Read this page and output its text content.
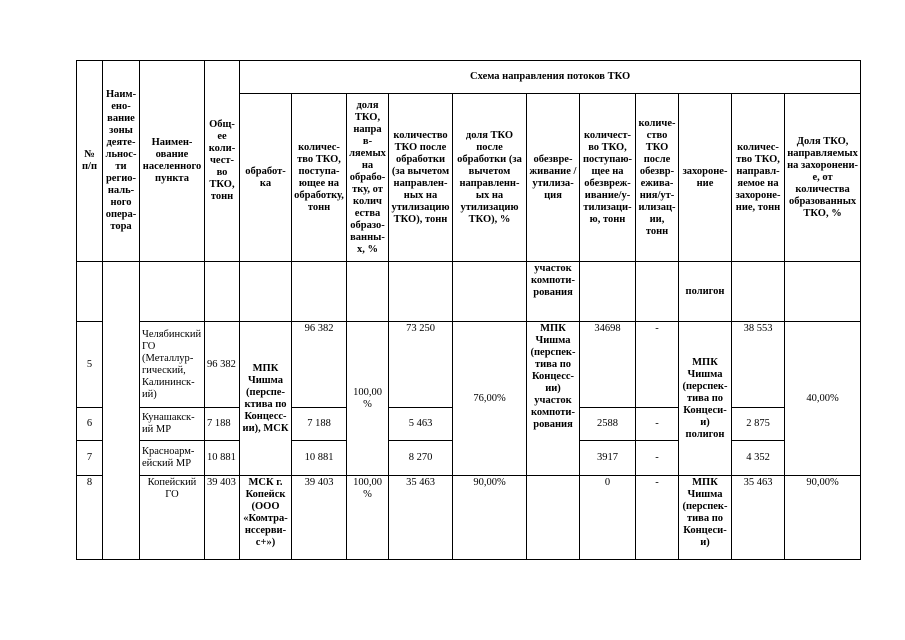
№ п/п	Наименование зоны деятельности регионального оператора	Наименование населенного пункта	Общее количество ТКО, тонн	Схема направления потоков ТКО										
				обработка	количество ТКО, поступающее на обработку, тонн	доля ТКО, направляемых на обработку, от количества образованных, %	количество ТКО после обработки (за вычетом направленных на утилизацию ТКО), тонн	доля ТКО после обработки (за вычетом направленных на утилизацию ТКО), %	обезвреживание / утилизация	количество ТКО, поступающее на обезвреживание/утилизацию, тонн	количество ТКО после обезвреживания/утилизации, тонн	захоронение	количество ТКО, направляемое на захоронение, тонн	Доля ТКО, направляемых на захоронение, от количества образованных ТКО, %
									участок компотирования			полигон		
5		Челябинский ГО (Металлургический, Калининский)	96 382	МПК Чишма (перспектива по Концессии), МСК	96 382	100,00 %	73 250	76,00%	МПК Чишма (перспектива по Концессии) участок компотирования	34698	-	МПК Чишма (перспектива по Концесии) полигон	38 553	40,00%
6		Кунашакский МР	7 188		7 188		5 463			2588	-		2 875	
7		Красноармейский МР	10 881		10 881		8 270			3917	-		4 352	
8		Копейский ГО	39 403	МСК г. Копейск (ООО «Комтранссервис+»)	39 403	100,00 %	35 463	90,00%		0	-	МПК Чишма (перспектива по Концесии)	35 463	90,00%
